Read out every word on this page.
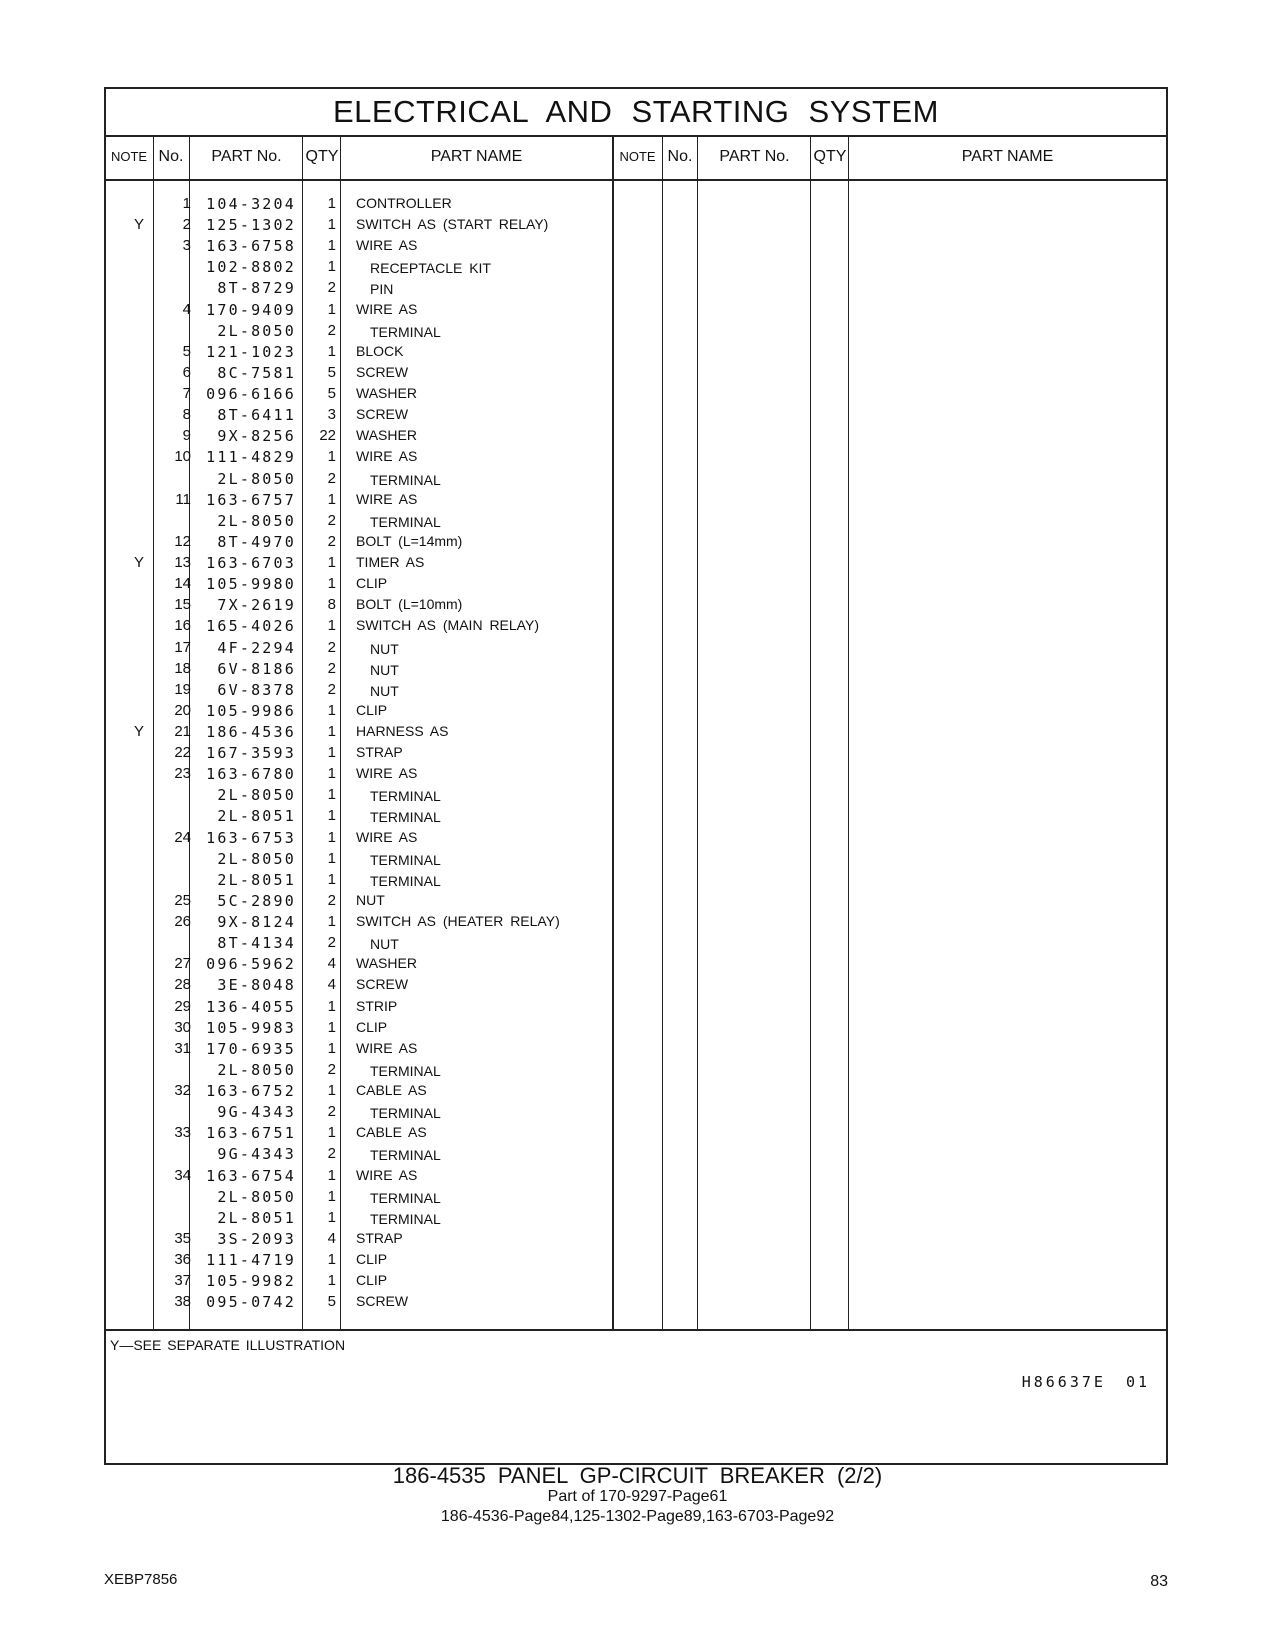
ELECTRICAL AND STARTING SYSTEM
NOTE No.	PART No.	QTY	PART NAME	NOTE No.	PART No.	QTY	PART NAME
1	104-3204	1 CONTROLLER
Y	2	125-1302	1 SWITCH AS (START RELAY)
3	163-6758	1 WIRE AS
102-8802	1 RECEPTACLE KIT
8T-8729	2 PIN
4	170-9409	1 WIRE AS
2L-8050	2 TERMINAL
5	121-1023	1 BLOCK
6	8C-7581	5 SCREW
7	096-6166	5 WASHER
8	8T-6411	3 SCREW
9	9X-8256	22 WASHER
10	111-4829	1 WIRE AS
2L-8050	2 TERMINAL
11	163-6757	1 WIRE AS
2L-8050	2 TERMINAL
12	8T-4970	2 BOLT (L=14mm)
Y	13	163-6703	1 TIMER AS
14	105-9980	1 CLIP
15	7X-2619	8 BOLT (L=10mm)
16	165-4026	1 SWITCH AS (MAIN RELAY)
17	4F-2294	2 NUT
18	6V-8186	2 NUT
19	6V-8378	2 NUT
20	105-9986	1 CLIP
Y	21	186-4536	1 HARNESS AS
22	167-3593	1 STRAP
23	163-6780	1 WIRE AS
2L-8050	1 TERMINAL
2L-8051	1 TERMINAL
24	163-6753	1 WIRE AS
2L-8050	1 TERMINAL
2L-8051	1 TERMINAL
25	5C-2890	2 NUT
26	9X-8124	1 SWITCH AS (HEATER RELAY)
8T-4134	2 NUT
27	096-5962	4 WASHER
28	3E-8048	4 SCREW
29	136-4055	1 STRIP
30	105-9983	1 CLIP
31	170-6935	1 WIRE AS
2L-8050	2 TERMINAL
32	163-6752	1 CABLE AS
9G-4343	2 TERMINAL
33	163-6751	1 CABLE AS
9G-4343	2 TERMINAL
34	163-6754	1 WIRE AS
2L-8050	1 TERMINAL
2L-8051	1 TERMINAL
35	3S-2093	4 STRAP
36	111-4719	1 CLIP
37	105-9982	1 CLIP
38	095-0742	5 SCREW
Y—SEE SEPARATE ILLUSTRATION
H86637E 01
186-4535 PANEL GP-CIRCUIT BREAKER (2/2)
Part of 170-9297-Page61
186-4536-Page84,125-1302-Page89,163-6703-Page92
XEBP7856	83
